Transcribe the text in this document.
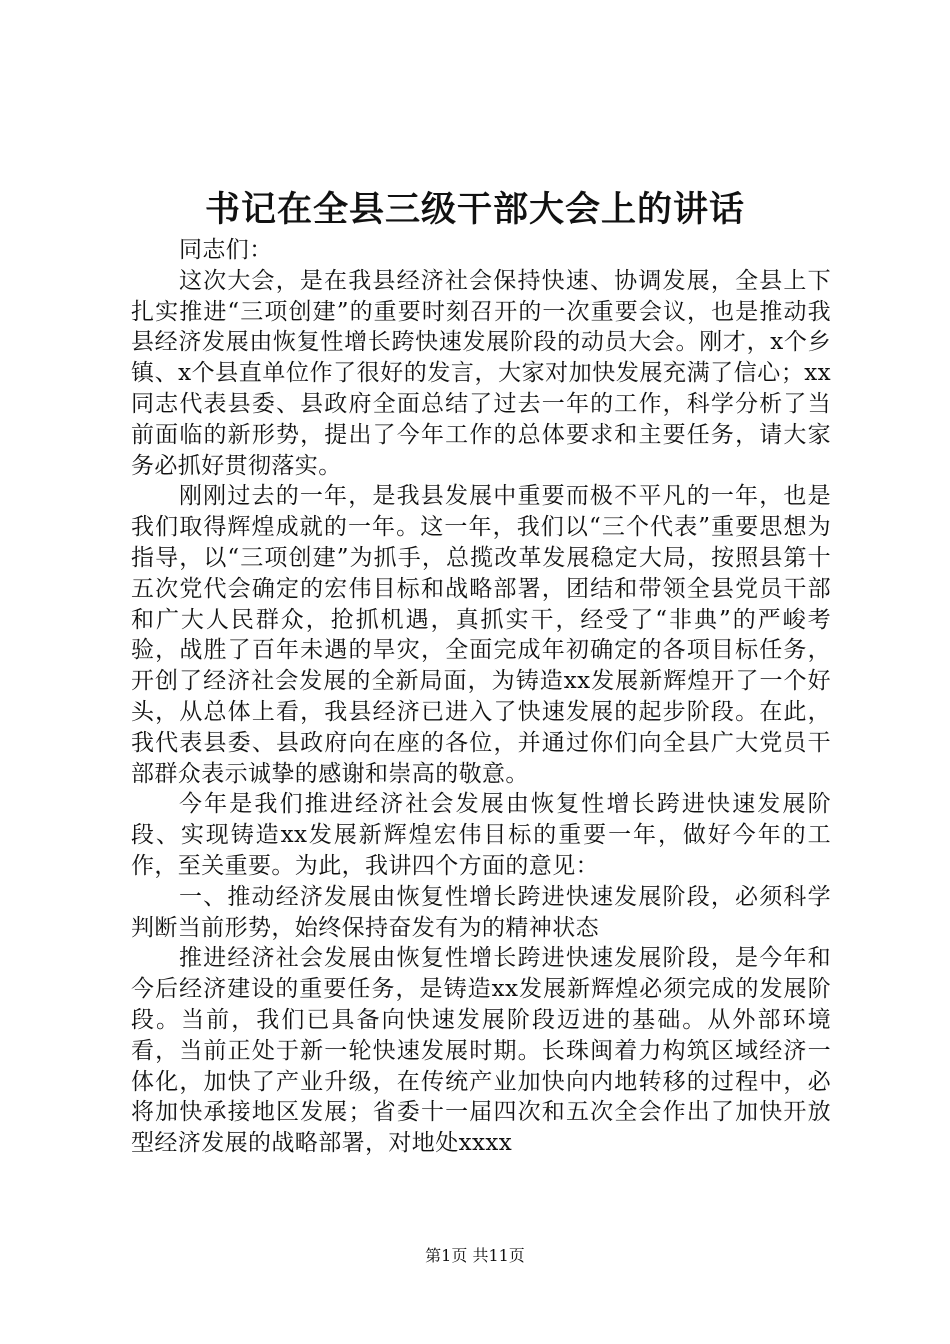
书记在全县三级干部大会上的讲话

同志们：

这次大会，是在我县经济社会保持快速、协调发展，全县上下扎实推进“三项创建”的重要时刻召开的一次重要会议，也是推动我县经济发展由恢复性增长跨快速发展阶段的动员大会。刚才，x个乡镇、x个县直单位作了很好的发言，大家对加快发展充满了信心；xx同志代表县委、县政府全面总结了过去一年的工作，科学分析了当前面临的新形势，提出了今年工作的总体要求和主要任务，请大家务必抓好贯彻落实。

刚刚过去的一年，是我县发展中重要而极不平凡的一年，也是我们取得辉煌成就的一年。这一年，我们以“三个代表”重要思想为指导，以“三项创建”为抓手，总揽改革发展稳定大局，按照县第十五次党代会确定的宏伟目标和战略部署，团结和带领全县党员干部和广大人民群众，抢抓机遇，真抓实干，经受了“非典”的严峻考验，战胜了百年未遇的旱灾，全面完成年初确定的各项目标任务，开创了经济社会发展的全新局面，为铸造xx发展新辉煌开了一个好头，从总体上看，我县经济已进入了快速发展的起步阶段。在此，我代表县委、县政府向在座的各位，并通过你们向全县广大党员干部群众表示诚挚的感谢和崇高的敬意。

今年是我们推进经济社会发展由恢复性增长跨进快速发展阶段、实现铸造xx发展新辉煌宏伟目标的重要一年，做好今年的工作，至关重要。为此，我讲四个方面的意见：

一、推动经济发展由恢复性增长跨进快速发展阶段，必须科学判断当前形势，始终保持奋发有为的精神状态

推进经济社会发展由恢复性增长跨进快速发展阶段，是今年和今后经济建设的重要任务，是铸造xx发展新辉煌必须完成的发展阶段。当前，我们已具备向快速发展阶段迈进的基础。从外部环境看，当前正处于新一轮快速发展时期。长珠闽着力构筑区域经济一体化，加快了产业升级，在传统产业加快向内地转移的过程中，必将加快承接地区发展；省委十一届四次和五次全会作出了加快开放型经济发展的战略部署，对地处xxxx

第1页 共11页
